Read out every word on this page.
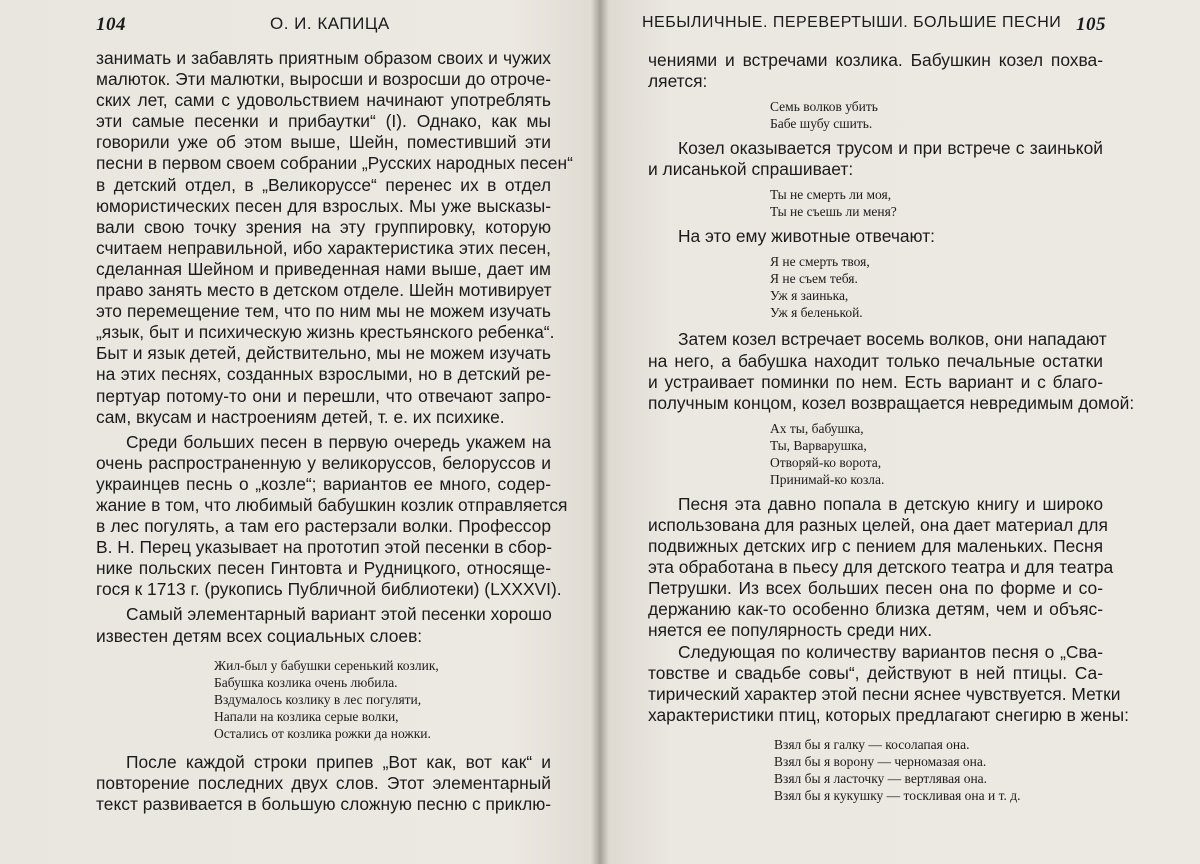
104	О. И. КАПИЦА
занимать и забавлять приятным образом своих и чужих
малюток. Эти малютки, выросши и возросши до отроче-
ских лет, сами с удовольствием начинают употреблять
эти самые песенки и прибаутки“ (I). Однако, как мы
говорили уже об этом выше, Шейн, поместивший эти
песни в первом своем собрании „Русских народных песен“
в детский отдел, в „Великоруссе“ перенес их в отдел
юмористических песен для взрослых. Мы уже высказы-
вали свою точку зрения на эту группировку, которую
считаем неправильной, ибо характеристика этих песен,
сделанная Шейном и приведенная нами выше, дает им
право занять место в детском отделе. Шейн мотивирует
это перемещение тем, что по ним мы не можем изучать
„язык, быт и психическую жизнь крестьянского ребенка“.
Быт и язык детей, действительно, мы не можем изучать
на этих песнях, созданных взрослыми, но в детский ре-
пертуар потому-то они и перешли, что отвечают запро-
сам, вкусам и настроениям детей, т. е. их психике.
Среди больших песен в первую очередь укажем на
очень распространенную у великоруссов, белоруссов и
украинцев песнь о „козле“; вариантов ее много, содер-
жание в том, что любимый бабушкин козлик отправляется
в лес погулять, а там его растерзали волки. Профессор
В. Н. Перец указывает на прототип этой песенки в сбор-
нике польских песен Гинтовта и Рудницкого, относяще-
гося к 1713 г. (рукопись Публичной библиотеки) (LXXXVI).
Самый элементарный вариант этой песенки хорошо
известен детям всех социальных слоев:
Жил-был у бабушки серенький козлик,
Бабушка козлика очень любила.
Вздумалось козлику в лес погуляти,
Напали на козлика серые волки,
Остались от козлика рожки да ножки.
После каждой строки припев „Вот как, вот как“ и
повторение последних двух слов. Этот элементарный
текст развивается в большую сложную песню с приклю-
НЕБЫЛИЧНЫЕ. ПЕРЕВЕРТЫШИ. БОЛЬШИЕ ПЕСНИ 105
чениями и встречами козлика. Бабушкин козел похва-
ляется:
Семь волков убить
Бабе шубу сшить.
Козел оказывается трусом и при встрече с заинькой
и лисанькой спрашивает:
Ты не смерть ли моя,
Ты не съешь ли меня?
На это ему животные отвечают:
Я не смерть твоя,
Я не съем тебя.
Уж я заинька,
Уж я беленькой.
Затем козел встречает восемь волков, они нападают
на него, а бабушка находит только печальные остатки
и устраивает поминки по нем. Есть вариант и с благо-
получным концом, козел возвращается невредимым домой:
Ах ты, бабушка,
Ты, Варварушка,
Отворяй-ко ворота,
Принимай-ко козла.
Песня эта давно попала в детскую книгу и широко
использована для разных целей, она дает материал для
подвижных детских игр с пением для маленьких. Песня
эта обработана в пьесу для детского театра и для театра
Петрушки. Из всех больших песен она по форме и со-
держанию как-то особенно близка детям, чем и объяс-
няется ее популярность среди них.
Следующая по количеству вариантов песня о „Сва-
товстве и свадьбе совы“, действуют в ней птицы. Са-
тирический характер этой песни яснее чувствуется. Метки
характеристики птиц, которых предлагают снегирю в жены:
Взял бы я галку — косолапая она.
Взял бы я ворону — черномазая она.
Взял бы я ласточку — вертлявая она.
Взял бы я кукушку — тоскливая она и т. д.
